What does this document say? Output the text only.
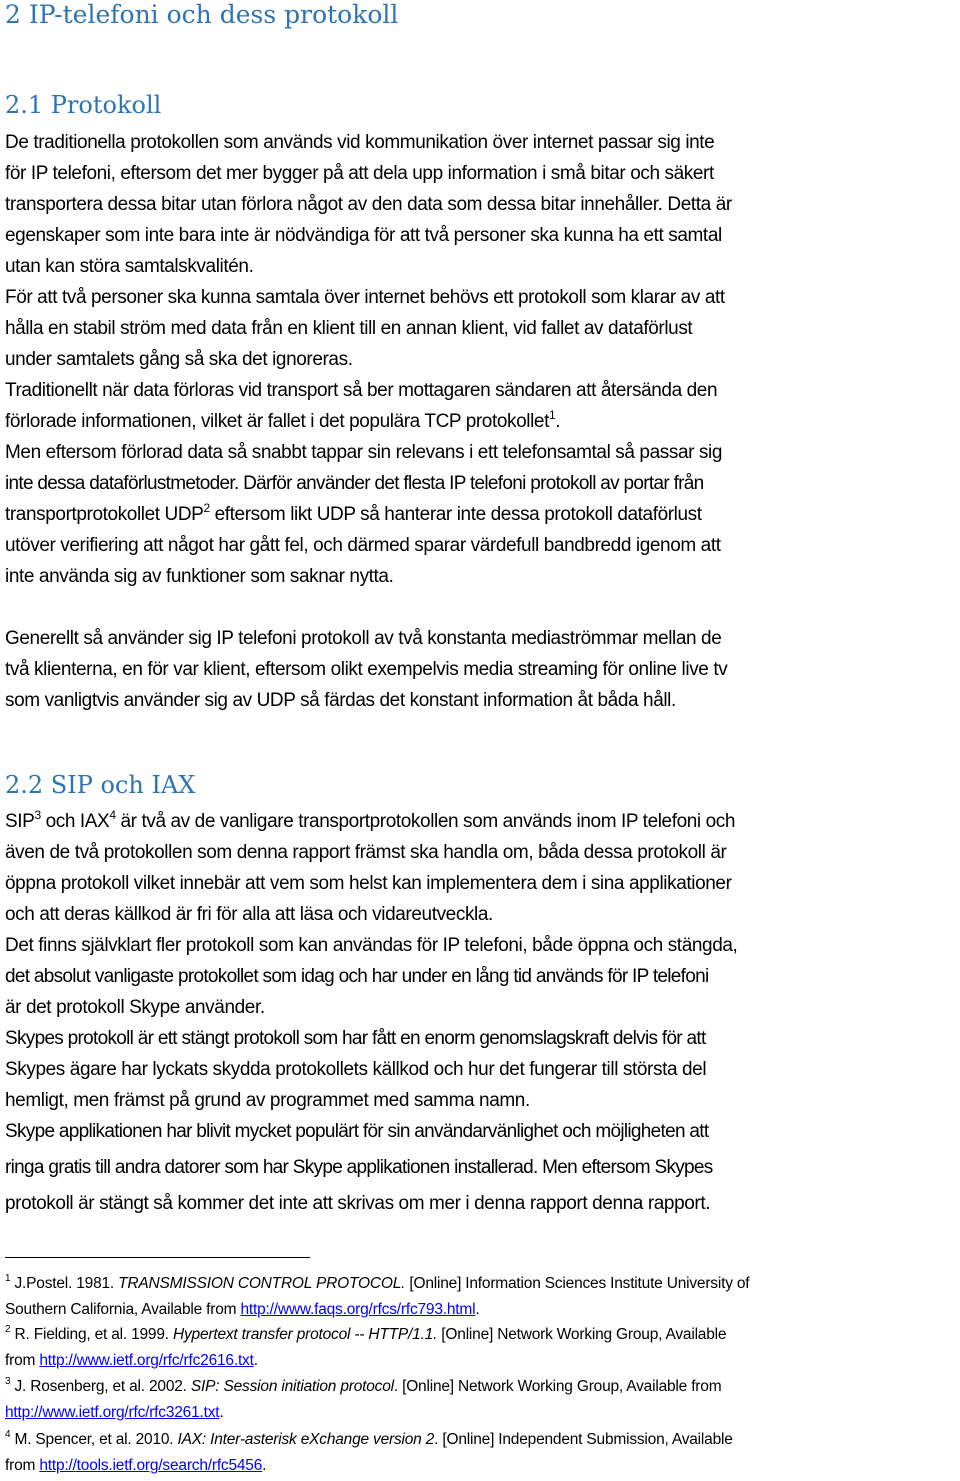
2 IP-telefoni och dess protokoll
2.1 Protokoll
De traditionella protokollen som används vid kommunikation över internet passar sig inte
för IP telefoni, eftersom det mer bygger på att dela upp information i små bitar och säkert
transportera dessa bitar utan förlora något av den data som dessa bitar innehåller. Detta är
egenskaper som inte bara inte är nödvändiga för att två personer ska kunna ha ett samtal
utan kan störa samtalskvalitén.
För att två personer ska kunna samtala över internet behövs ett protokoll som klarar av att
hålla en stabil ström med data från en klient till en annan klient, vid fallet av dataförlust
under samtalets gång så ska det ignoreras.
Traditionellt när data förloras vid transport så ber mottagaren sändaren att återsända den
förlorade informationen, vilket är fallet i det populära TCP protokollet$^1$.
Men eftersom förlorad data så snabbt tappar sin relevans i ett telefonsamtal så passar sig
inte dessa dataförlustmetoder. Därför använder det flesta IP telefoni protokoll av portar från
transportprotokollet UDP$^2$ eftersom likt UDP så hanterar inte dessa protokoll dataförlust
utöver verifiering att något har gått fel, och därmed sparar värdefull bandbredd igenom att
inte använda sig av funktioner som saknar nytta.
Generellt så använder sig IP telefoni protokoll av två konstanta mediaströmmar mellan de
två klienterna, en för var klient, eftersom olikt exempelvis media streaming för online live tv
som vanligtvis använder sig av UDP så färdas det konstant information åt båda håll.
2.2 SIP och IAX
SIP$^3$ och IAX$^4$ är två av de vanligare transportprotokollen som används inom IP telefoni och
även de två protokollen som denna rapport främst ska handla om, båda dessa protokoll är
öppna protokoll vilket innebär att vem som helst kan implementera dem i sina applikationer
och att deras källkod är fri för alla att läsa och vidareutveckla.
Det finns självklart fler protokoll som kan användas för IP telefoni, både öppna och stängda,
det absolut vanligaste protokollet som idag och har under en lång tid används för IP telefoni
är det protokoll Skype använder.
Skypes protokoll är ett stängt protokoll som har fått en enorm genomslagskraft delvis för att
Skypes ägare har lyckats skydda protokollets källkod och hur det fungerar till största del
hemligt, men främst på grund av programmet med samma namn.
Skype applikationen har blivit mycket populärt för sin användarvänlighet och möjligheten att
ringa gratis till andra datorer som har Skype applikationen installerad. Men eftersom Skypes
protokoll är stängt så kommer det inte att skrivas om mer i denna rapport denna rapport.
$^1$ J.Postel. 1981. TRANSMISSION CONTROL PROTOCOL. [Online] Information Sciences Institute University of
Southern California, Available from http://www.faqs.org/rfcs/rfc793.html.
$^2$ R. Fielding, et al. 1999. Hypertext transfer protocol -- HTTP/1.1. [Online] Network Working Group, Available
from http://www.ietf.org/rfc/rfc2616.txt.
$^3$ J. Rosenberg, et al. 2002. SIP: Session initiation protocol. [Online] Network Working Group, Available from
http://www.ietf.org/rfc/rfc3261.txt.
$^4$ M. Spencer, et al. 2010. IAX: Inter-asterisk eXchange version 2. [Online] Independent Submission, Available
from http://tools.ietf.org/search/rfc5456.
